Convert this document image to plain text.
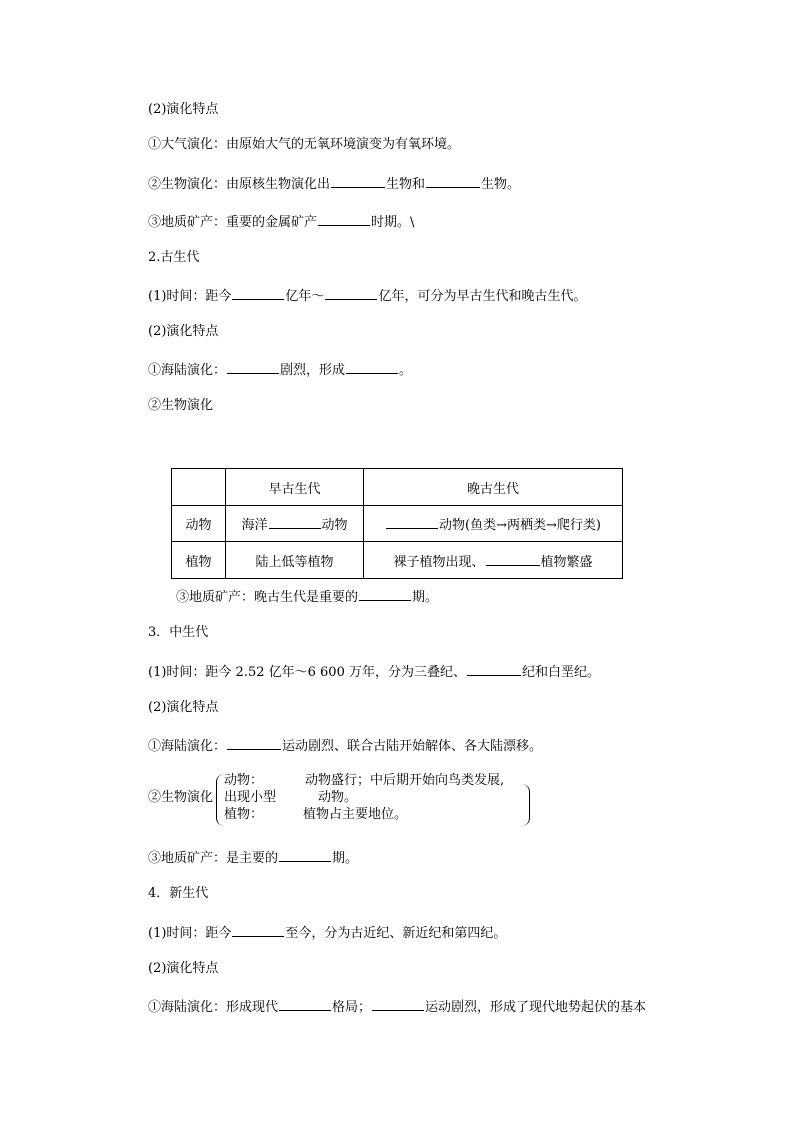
(2)演化特点
①大气演化：由原始大气的无氧环境演变为有氧环境。
②生物演化：由原核生物演化出	生物和	生物。
③地质矿产：重要的金属矿产	时期。\
2.古生代
(1)时间：距今	亿年～	亿年，可分为早古生代和晚古生代。
(2)演化特点
①海陆演化：	剧烈，形成	。
②生物演化
	早古生代	晚古生代
动物	海洋 动物	动物(鱼类→两栖类→爬行类)
植物	陆上低等植物	裸子植物出现、 植物繁盛
③地质矿产：晚古生代是重要的	期。
3．中生代
(1)时间：距今 2.52 亿年～6 600 万年，分为三叠纪、	纪和白垩纪。
(2)演化特点
①海陆演化：	运动剧烈、联合古陆开始解体、各大陆漂移。
②生物演化
动物：	动物盛行；中后期开始向鸟类发展,
出现小型	动物。
植物：	植物占主要地位。
③地质矿产：是主要的	期。
4．新生代
(1)时间：距今	至今，分为古近纪、新近纪和第四纪。
(2)演化特点
①海陆演化：形成现代	格局；	运动剧烈，形成了现代地势起伏的基本
